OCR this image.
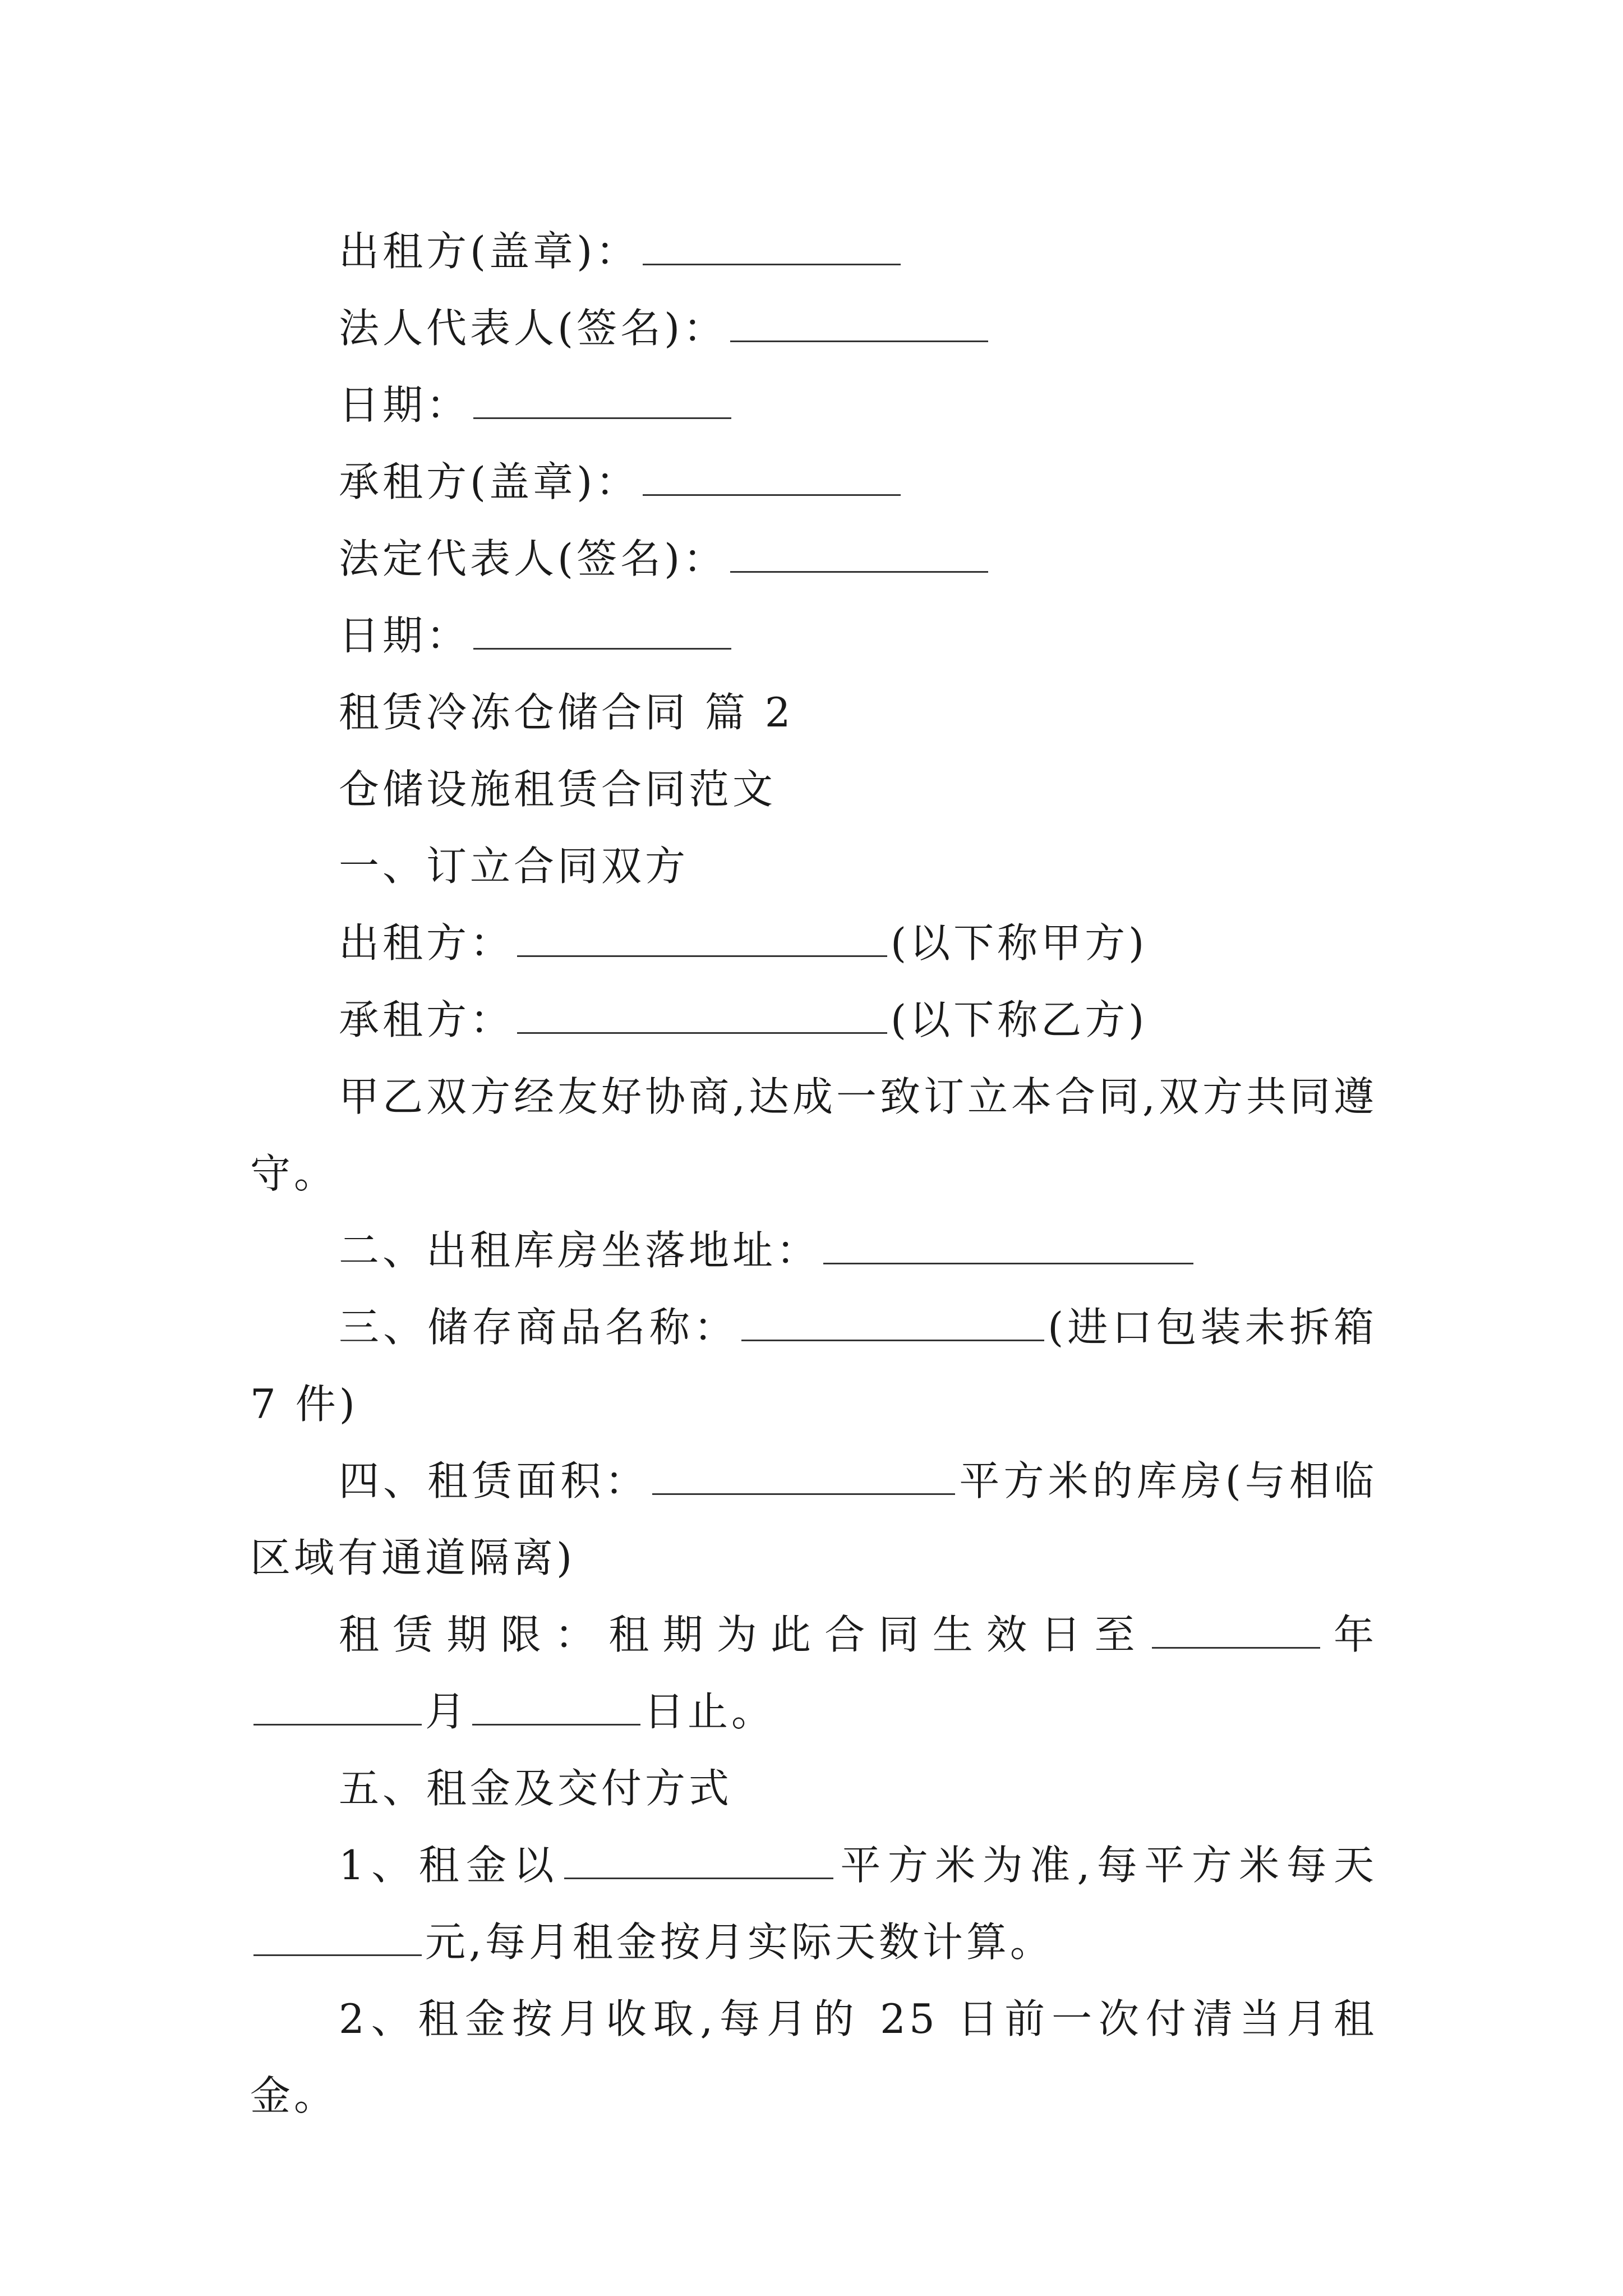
出租方(盖章)：
法人代表人(签名)：
日期：
承租方(盖章)：
法定代表人(签名)：
日期：
租赁冷冻仓储合同 篇 2
仓储设施租赁合同范文
一、订立合同双方
出租方：	(以下称甲方)
承租方：	(以下称乙方)
甲乙双方经友好协商,达成一致订立本合同,双方共同遵守。
二、出租库房坐落地址：
三、储存商品名称：	(进口包装未拆箱 7 件)
四、租赁面积：	平方米的库房(与相临区域有通道隔离)
租赁期限：租期为此合同生效日至	年月	日止。
五、租金及交付方式
1、租金以	平方米为准,每平方米每天元,每月租金按月实际天数计算。
2、租金按月收取,每月的 25 日前一次付清当月租金。
